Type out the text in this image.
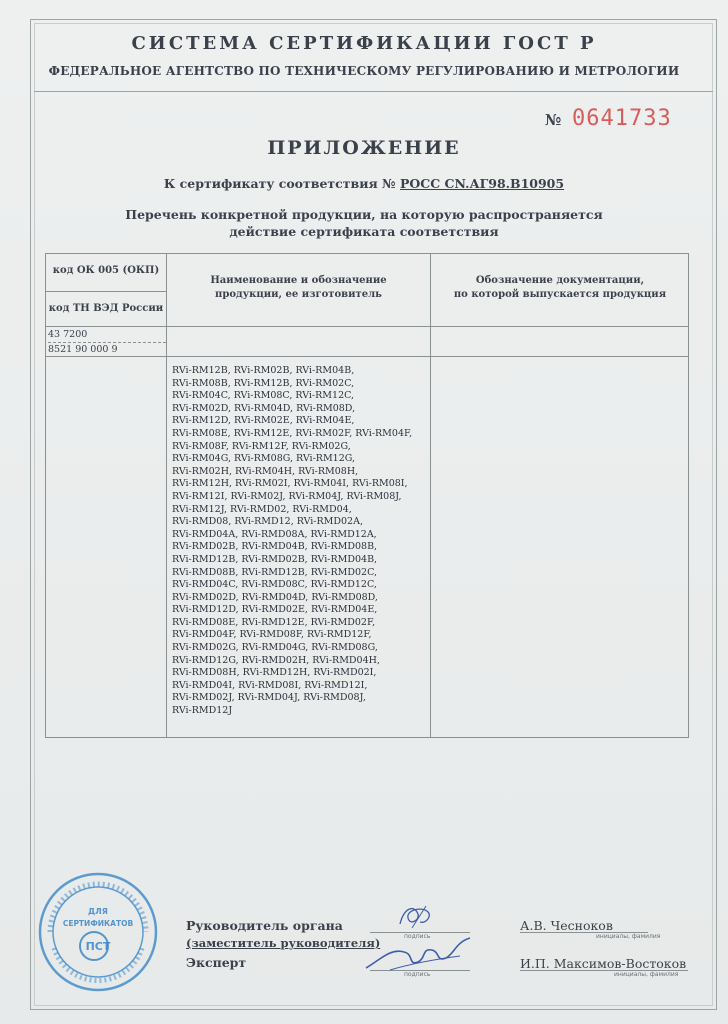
СИСТЕМА СЕРТИФИКАЦИИ ГОСТ Р
ФЕДЕРАЛЬНОЕ АГЕНТСТВО ПО ТЕХНИЧЕСКОМУ РЕГУЛИРОВАНИЮ И МЕТРОЛОГИИ
№ 0641733
ПРИЛОЖЕНИЕ
К сертификату соответствия № РОСС CN.АГ98.В10905
Перечень конкретной продукции, на которую распространяется
действие сертификата соответствия
код ОК 005 (ОКП)
код ТН ВЭД России
Наименование и обозначение
продукции, ее изготовитель
Обозначение документации,
по которой выпускается продукция
43 7200
8521 90 000 9
RVi-RM12B, RVi-RM02B, RVi-RM04B,
RVi-RM08B, RVi-RM12B, RVi-RM02C,
RVi-RM04C, RVi-RM08C, RVi-RM12C,
RVi-RM02D, RVi-RM04D, RVi-RM08D,
RVi-RM12D, RVi-RM02E, RVi-RM04E,
RVi-RM08E, RVi-RM12E, RVi-RM02F, RVi-RM04F,
RVi-RM08F, RVi-RM12F, RVi-RM02G,
RVi-RM04G, RVi-RM08G, RVi-RM12G,
RVi-RM02H, RVi-RM04H, RVi-RM08H,
RVi-RM12H, RVi-RM02I, RVi-RM04I, RVi-RM08I,
RVi-RM12I, RVi-RM02J, RVi-RM04J, RVi-RM08J,
RVi-RM12J, RVi-RMD02, RVi-RMD04,
RVi-RMD08, RVi-RMD12, RVi-RMD02A,
RVi-RMD04A, RVi-RMD08A, RVi-RMD12A,
RVi-RMD02B, RVi-RMD04B, RVi-RMD08B,
RVi-RMD12B, RVi-RMD02B, RVi-RMD04B,
RVi-RMD08B, RVi-RMD12B, RVi-RMD02C,
RVi-RMD04C, RVi-RMD08C, RVi-RMD12C,
RVi-RMD02D, RVi-RMD04D, RVi-RMD08D,
RVi-RMD12D, RVi-RMD02E, RVi-RMD04E,
RVi-RMD08E, RVi-RMD12E, RVi-RMD02F,
RVi-RMD04F, RVi-RMD08F, RVi-RMD12F,
RVi-RMD02G, RVi-RMD04G, RVi-RMD08G,
RVi-RMD12G, RVi-RMD02H, RVi-RMD04H,
RVi-RMD08H, RVi-RMD12H, RVi-RMD02I,
RVi-RMD04I, RVi-RMD08I, RVi-RMD12I,
RVi-RMD02J, RVi-RMD04J, RVi-RMD08J,
RVi-RMD12J
ДЛЯ
СЕРТИФИКАТОВ
ПСТ
Руководитель органа
(заместитель руководителя)
Эксперт
подпись
подпись
инициалы, фамилия
инициалы, фамилия
А.В. Чесноков
И.П. Максимов-Востоков
